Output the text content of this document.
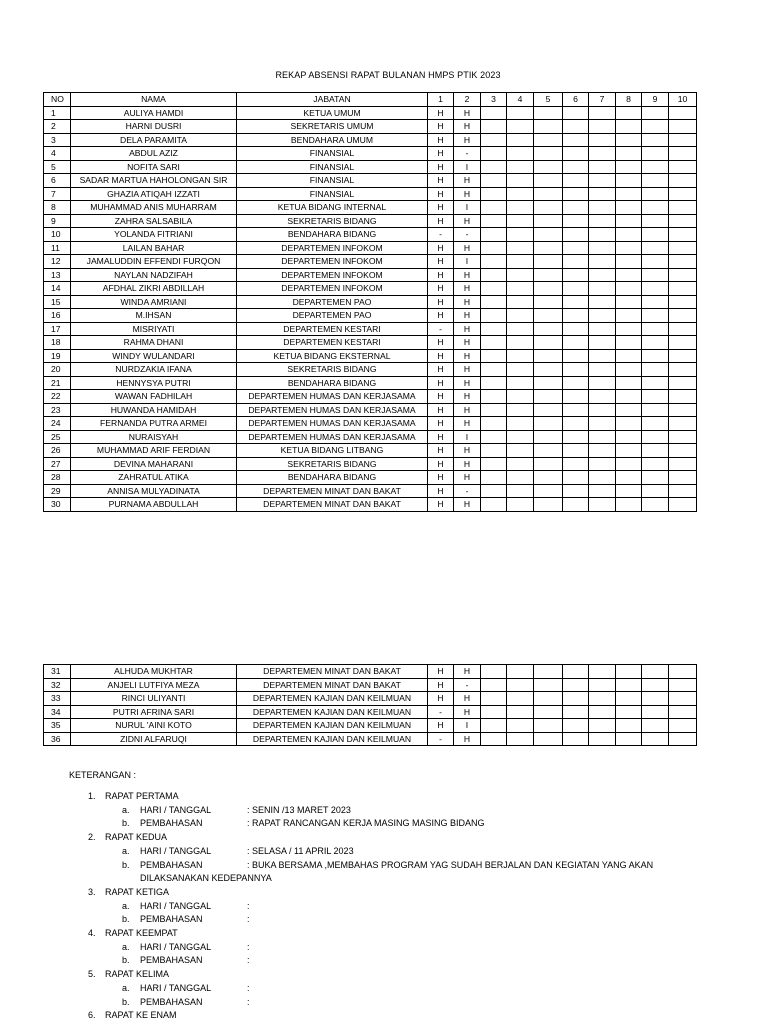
REKAP ABSENSI RAPAT BULANAN HMPS PTIK 2023
NO	NAMA	JABATAN	1	2	3	4	5	6	7	8	9	10
1	AULIYA HAMDI	KETUA UMUM	H	H								
2	HARNI DUSRI	SEKRETARIS UMUM	H	H								
3	DELA PARAMITA	BENDAHARA UMUM	H	H								
4	ABDUL AZIZ	FINANSIAL	H	-								
5	NOFITA SARI	FINANSIAL	H	I								
6	SADAR MARTUA HAHOLONGAN SIR	FINANSIAL	H	H								
7	GHAZIA ATIQAH IZZATI	FINANSIAL	H	H								
8	MUHAMMAD ANIS MUHARRAM	KETUA BIDANG INTERNAL	H	I								
9	ZAHRA SALSABILA	SEKRETARIS BIDANG	H	H								
10	YOLANDA FITRIANI	BENDAHARA BIDANG	-	-								
11	LAILAN BAHAR	DEPARTEMEN INFOKOM	H	H								
12	JAMALUDDIN EFFENDI FURQON	DEPARTEMEN INFOKOM	H	I								
13	NAYLAN NADZIFAH	DEPARTEMEN INFOKOM	H	H								
14	AFDHAL ZIKRI ABDILLAH	DEPARTEMEN INFOKOM	H	H								
15	WINDA AMRIANI	DEPARTEMEN PAO	H	H								
16	M.IHSAN	DEPARTEMEN PAO	H	H								
17	MISRIYATI	DEPARTEMEN KESTARI	-	H								
18	RAHMA DHANI	DEPARTEMEN KESTARI	H	H								
19	WINDY WULANDARI	KETUA BIDANG EKSTERNAL	H	H								
20	NURDZAKIA IFANA	SEKRETARIS BIDANG	H	H								
21	HENNYSYA PUTRI	BENDAHARA BIDANG	H	H								
22	WAWAN FADHILAH	DEPARTEMEN HUMAS DAN KERJASAMA	H	H								
23	HUWANDA HAMIDAH	DEPARTEMEN HUMAS DAN KERJASAMA	H	H								
24	FERNANDA PUTRA ARMEI	DEPARTEMEN HUMAS DAN KERJASAMA	H	H								
25	NURAISYAH	DEPARTEMEN HUMAS DAN KERJASAMA	H	I								
26	MUHAMMAD ARIF FERDIAN	KETUA BIDANG LITBANG	H	H								
27	DEVINA MAHARANI	SEKRETARIS BIDANG	H	H								
28	ZAHRATUL ATIKA	BENDAHARA BIDANG	H	H								
29	ANNISA MULYADINATA	DEPARTEMEN MINAT DAN BAKAT	H	-								
30	PURNAMA ABDULLAH	DEPARTEMEN MINAT DAN BAKAT	H	H								
31	ALHUDA MUKHTAR	DEPARTEMEN MINAT DAN BAKAT	H	H								
32	ANJELI LUTFIYA MEZA	DEPARTEMEN MINAT DAN BAKAT	H	-								
33	RINCI ULIYANTI	DEPARTEMEN KAJIAN DAN KEILMUAN	H	H								
34	PUTRI AFRINA SARI	DEPARTEMEN KAJIAN DAN KEILMUAN	-	H								
35	NURUL 'AINI KOTO	DEPARTEMEN KAJIAN DAN KEILMUAN	H	I								
36	ZIDNI ALFARUQI	DEPARTEMEN KAJIAN DAN KEILMUAN	-	H								
KETERANGAN :
1. RAPAT PERTAMA
a. HARI / TANGGAL	: SENIN /13 MARET 2023
b. PEMBAHASAN	: RAPAT RANCANGAN KERJA MASING MASING BIDANG
2. RAPAT KEDUA
a. HARI / TANGGAL	: SELASA / 11 APRIL 2023
b. PEMBAHASAN	: BUKA BERSAMA ,MEMBAHAS PROGRAM YAG SUDAH BERJALAN DAN KEGIATAN YANG AKAN
DILAKSANAKAN KEDEPANNYA
3. RAPAT KETIGA
a. HARI / TANGGAL	:
b. PEMBAHASAN	:
4. RAPAT KEEMPAT
a. HARI / TANGGAL	:
b. PEMBAHASAN	:
5. RAPAT KELIMA
a. HARI / TANGGAL	:
b. PEMBAHASAN	:
6. RAPAT KE ENAM
